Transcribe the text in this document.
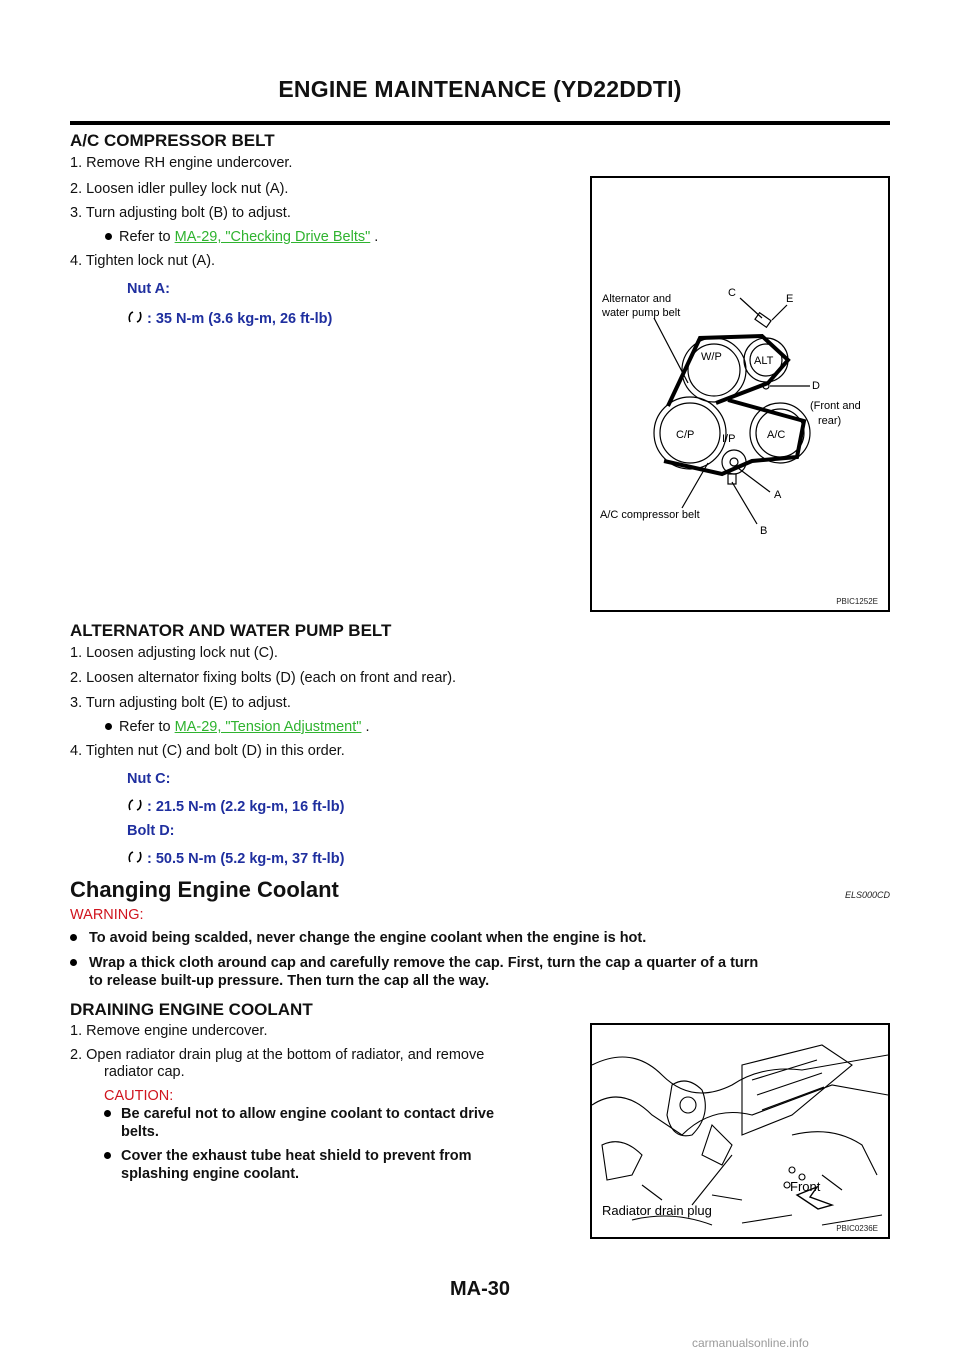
ENGINE MAINTENANCE (YD22DDTI)
A/C COMPRESSOR BELT
1. Remove RH engine undercover.
2. Loosen idler pulley lock nut (A).
3. Turn adjusting bolt (B) to adjust.
Refer to MA-29, "Checking Drive Belts" .
4. Tighten lock nut (A).
Nut A:
: 35 N-m (3.6 kg-m, 26 ft-lb)
Alternator and
water pump belt
C	E
W/P	ALT
D
(Front and
rear)
C/P	I/P	A/C
A
B
A/C compressor belt
PBIC1252E
ALTERNATOR AND WATER PUMP BELT
1. Loosen adjusting lock nut (C).
2. Loosen alternator fixing bolts (D) (each on front and rear).
3. Turn adjusting bolt (E) to adjust.
Refer to MA-29, "Tension Adjustment" .
4. Tighten nut (C) and bolt (D) in this order.
Nut C:
: 21.5 N-m (2.2 kg-m, 16 ft-lb)
Bolt D:
: 50.5 N-m (5.2 kg-m, 37 ft-lb)
Changing Engine Coolant	ELS000CD
WARNING:
To avoid being scalded, never change the engine coolant when the engine is hot.
Wrap a thick cloth around cap and carefully remove the cap. First, turn the cap a quarter of a turn
to release built-up pressure. Then turn the cap all the way.
DRAINING ENGINE COOLANT
1. Remove engine undercover.
2. Open radiator drain plug at the bottom of radiator, and remove
radiator cap.
CAUTION:
Be careful not to allow engine coolant to contact drive
belts.
Cover the exhaust tube heat shield to prevent from
splashing engine coolant.
Radiator drain plug
Front
PBIC0236E
MA-30
carmanualsonline.info
